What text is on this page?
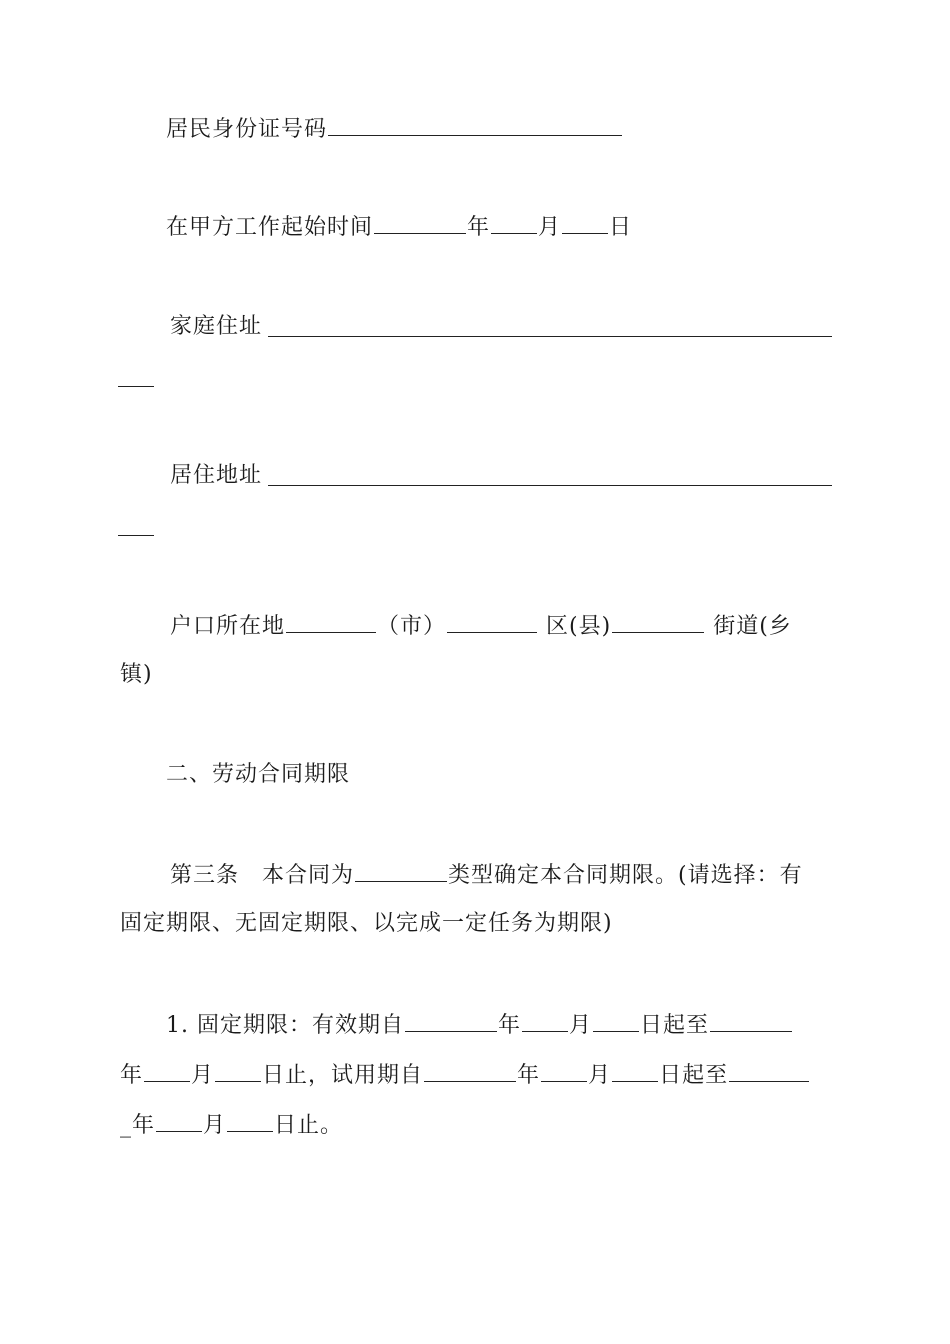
居民身份证号码
在甲方工作起始时间	年 月 日
家庭住址
居住地址
户口所在地	（市）	区(县)	街道(乡
镇)
二、劳动合同期限
第三条　本合同为	类型确定本合同期限。(请选择：有
固定期限、无固定期限、以完成一定任务为期限)
1. 固定期限：有效期自	年 月 日起至
年 月 日止，试用期自	年 月 日起至
_年 月 日止。
